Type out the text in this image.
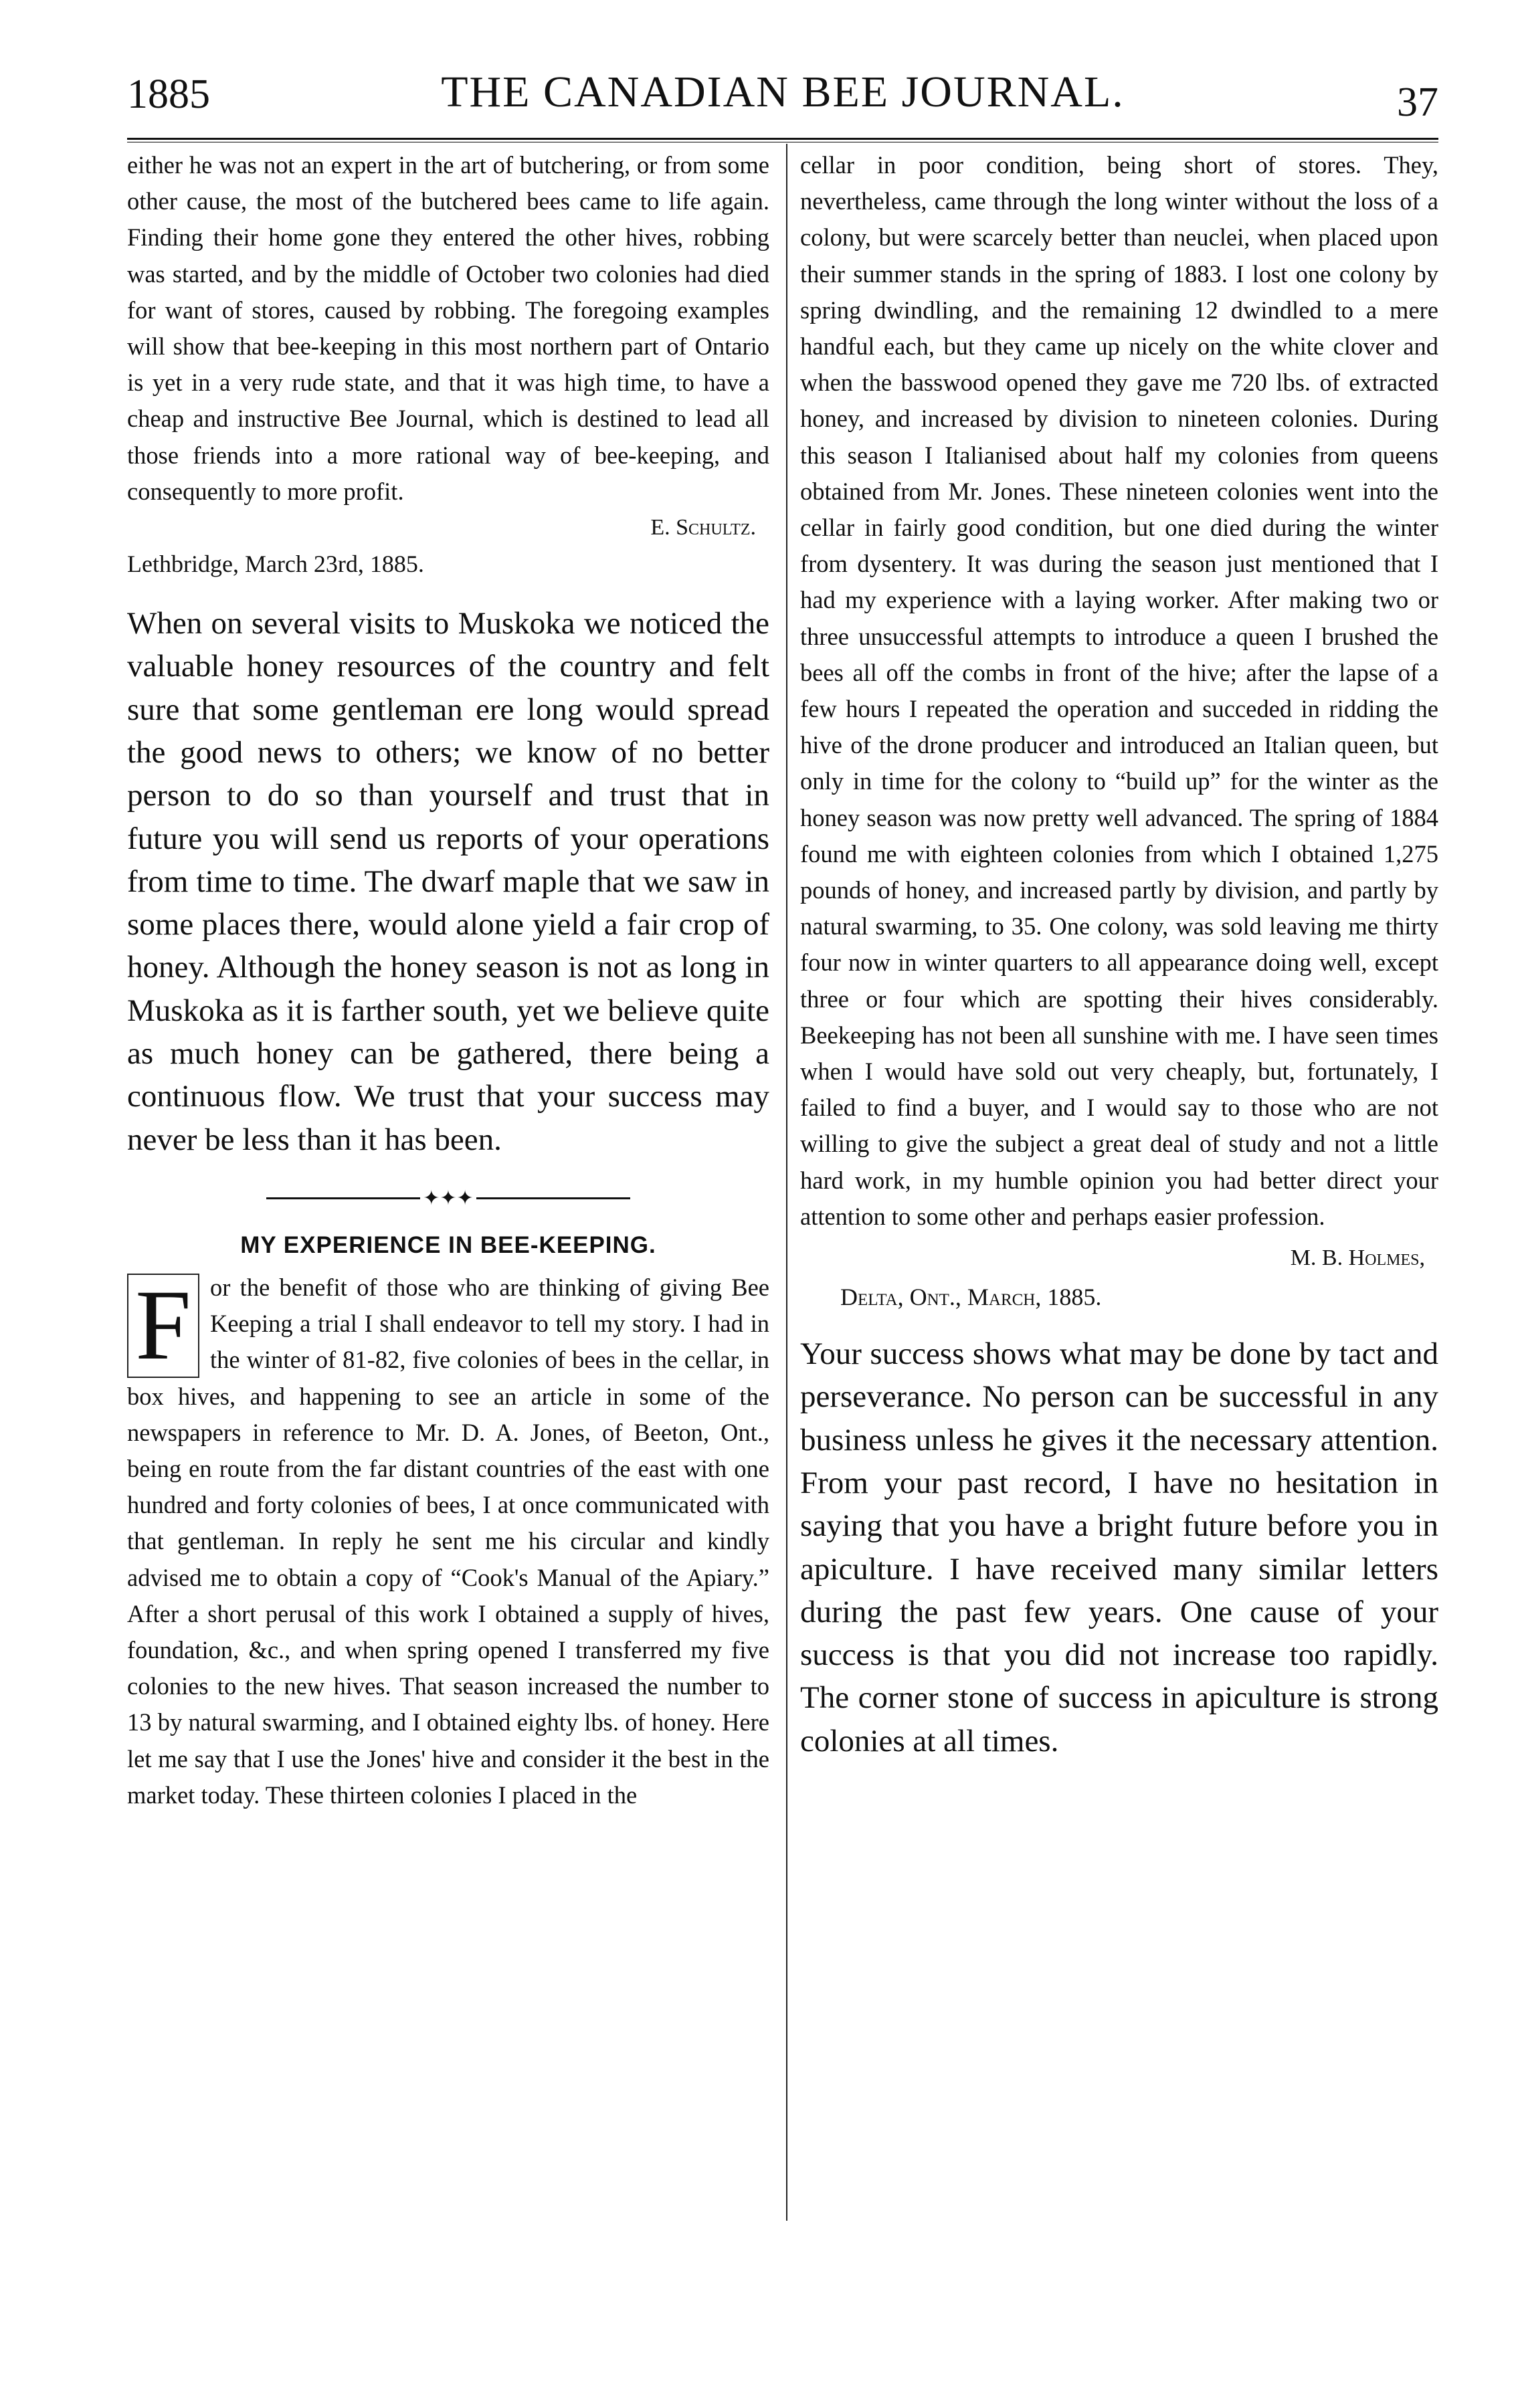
1885	THE CANADIAN BEE JOURNAL.	37

either he was not an expert in the art of butchering, or from some other cause, the most of the butchered bees came to life again. Finding their home gone they entered the other hives, robbing was started, and by the middle of October two colonies had died for want of stores, caused by robbing. The foregoing examples will show that bee-keeping in this most northern part of Ontario is yet in a very rude state, and that it was high time, to have a cheap and instructive Bee Journal, which is destined to lead all those friends into a more rational way of bee-keeping, and consequently to more profit.

E. Schultz.
Lethbridge, March 23rd, 1885.

When on several visits to Muskoka we noticed the valuable honey resources of the country and felt sure that some gentleman ere long would spread the good news to others; we know of no better person to do so than yourself and trust that in future you will send us reports of your operations from time to time. The dwarf maple that we saw in some places there, would alone yield a fair crop of honey. Although the honey season is not as long in Muskoka as it is farther south, yet we believe quite as much honey can be gathered, there being a continuous flow. We trust that your success may never be less than it has been.

✦✦✦
MY EXPERIENCE IN BEE-KEEPING.
F or the benefit of those who are thinking of giving Bee Keeping a trial I shall endeavor to tell my story. I had in the winter of 81-82, five colonies of bees in the cellar, in box hives, and happening to see an article in some of the newspapers in reference to Mr. D. A. Jones, of Beeton, Ont., being en route from the far distant countries of the east with one hundred and forty colonies of bees, I at once communicated with that gentleman. In reply he sent me his circular and kindly advised me to obtain a copy of “Cook's Manual of the Apiary.” After a short perusal of this work I obtained a supply of hives, foundation, &c., and when spring opened I transferred my five colonies to the new hives. That season increased the number to 13 by natural swarming, and I obtained eighty lbs. of honey. Here let me say that I use the Jones' hive and consider it the best in the market today. These thirteen colonies I placed in the

cellar in poor condition, being short of stores. They, nevertheless, came through the long winter without the loss of a colony, but were scarcely better than neuclei, when placed upon their summer stands in the spring of 1883. I lost one colony by spring dwindling, and the remaining 12 dwindled to a mere handful each, but they came up nicely on the white clover and when the basswood opened they gave me 720 lbs. of extracted honey, and increased by division to nineteen colonies. During this season I Italianised about half my colonies from queens obtained from Mr. Jones. These nineteen colonies went into the cellar in fairly good condition, but one died during the winter from dysentery. It was during the season just mentioned that I had my experience with a laying worker. After making two or three unsuccessful attempts to introduce a queen I brushed the bees all off the combs in front of the hive; after the lapse of a few hours I repeated the operation and succeded in ridding the hive of the drone producer and introduced an Italian queen, but only in time for the colony to “build up” for the winter as the honey season was now pretty well advanced. The spring of 1884 found me with eighteen colonies from which I obtained 1,275 pounds of honey, and increased partly by division, and partly by natural swarming, to 35. One colony, was sold leaving me thirty four now in winter quarters to all appearance doing well, except three or four which are spotting their hives considerably. Beekeeping has not been all sunshine with me. I have seen times when I would have sold out very cheaply, but, fortunately, I failed to find a buyer, and I would say to those who are not willing to give the subject a great deal of study and not a little hard work, in my humble opinion you had better direct your attention to some other and perhaps easier profession.

M. B. Holmes,
Delta, Ont., March, 1885.

Your success shows what may be done by tact and perseverance. No person can be successful in any business unless he gives it the necessary attention. From your past record, I have no hesitation in saying that you have a bright future before you in apiculture. I have received many similar letters during the past few years. One cause of your success is that you did not increase too rapidly. The corner stone of success in apiculture is strong colonies at all times.
